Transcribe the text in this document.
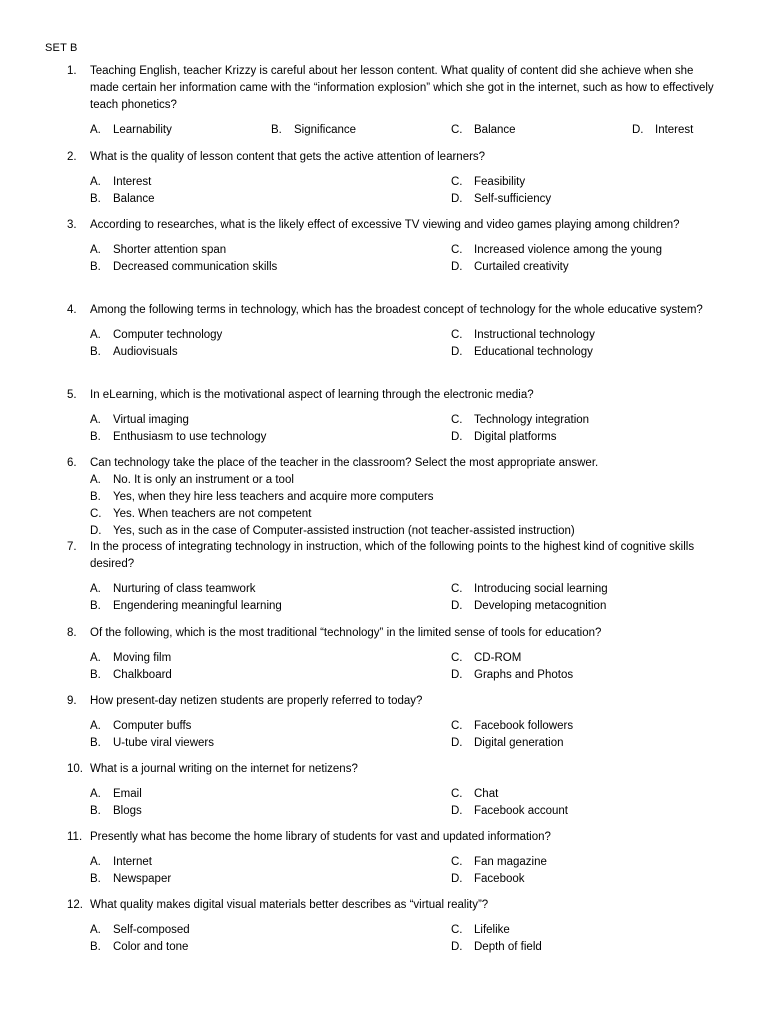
SET B
1. Teaching English, teacher Krizzy is careful about her lesson content. What quality of content did she achieve when she made certain her information came with the “information explosion” which she got in the internet, such as how to effectively teach phonetics?
A. Learnability	B. Significance	C. Balance	D. Interest
2. What is the quality of lesson content that gets the active attention of learners?
A. Interest	C. Feasibility
B. Balance	D. Self-sufficiency
3. According to researches, what is the likely effect of excessive TV viewing and video games playing among children?
A. Shorter attention span	C. Increased violence among the young
B. Decreased communication skills	D. Curtailed creativity
4. Among the following terms in technology, which has the broadest concept of technology for the whole educative system?
A. Computer technology	C. Instructional technology
B. Audiovisuals	D. Educational technology
5. In eLearning, which is the motivational aspect of learning through the electronic media?
A. Virtual imaging	C. Technology integration
B. Enthusiasm to use technology	D. Digital platforms
6. Can technology take the place of the teacher in the classroom? Select the most appropriate answer.
A. No. It is only an instrument or a tool
B. Yes, when they hire less teachers and acquire more computers
C. Yes. When teachers are not competent
D. Yes, such as in the case of Computer-assisted instruction (not teacher-assisted instruction)
7. In the process of integrating technology in instruction, which of the following points to the highest kind of cognitive skills desired?
A. Nurturing of class teamwork	C. Introducing social learning
B. Engendering meaningful learning	D. Developing metacognition
8. Of the following, which is the most traditional “technology” in the limited sense of tools for education?
A. Moving film	C. CD-ROM
B. Chalkboard	D. Graphs and Photos
9. How present-day netizen students are properly referred to today?
A. Computer buffs	C. Facebook followers
B. U-tube viral viewers	D. Digital generation
10. What is a journal writing on the internet for netizens?
A. Email	C. Chat
B. Blogs	D. Facebook account
11. Presently what has become the home library of students for vast and updated information?
A. Internet	C. Fan magazine
B. Newspaper	D. Facebook
12. What quality makes digital visual materials better describes as “virtual reality”?
A. Self-composed	C. Lifelike
B. Color and tone	D. Depth of field
